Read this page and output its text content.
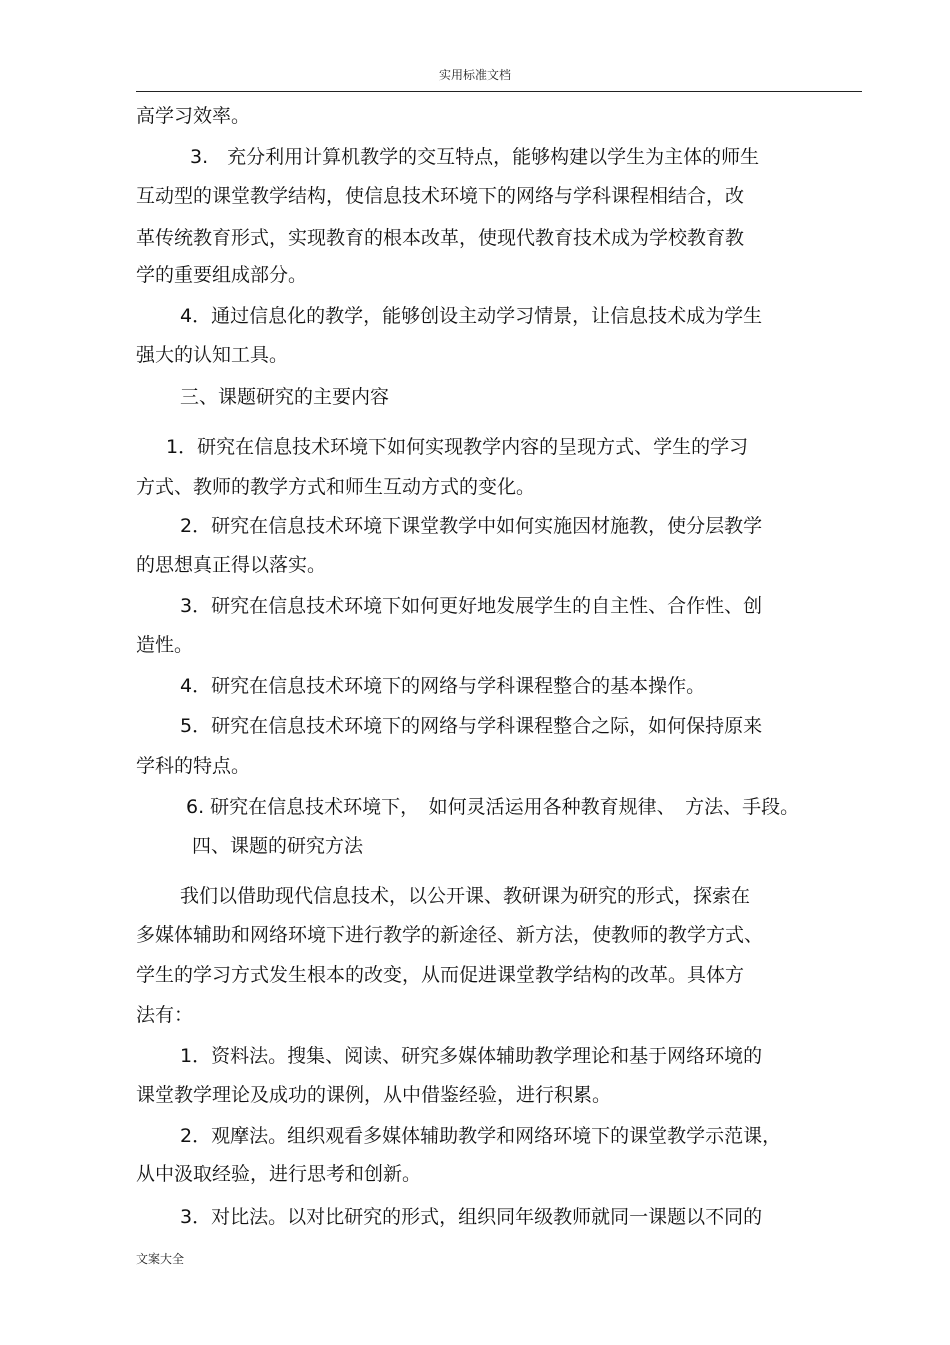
实用标准文档
高学习效率。
3.　充分利用计算机教学的交互特点，能够构建以学生为主体的师生
互动型的课堂教学结构，使信息技术环境下的网络与学科课程相结合，改
革传统教育形式，实现教育的根本改革，使现代教育技术成为学校教育教
学的重要组成部分。
4．通过信息化的教学，能够创设主动学习情景，让信息技术成为学生
强大的认知工具。
三、课题研究的主要内容
1．研究在信息技术环境下如何实现教学内容的呈现方式、学生的学习
方式、教师的教学方式和师生互动方式的变化。
2．研究在信息技术环境下课堂教学中如何实施因材施教，使分层教学
的思想真正得以落实。
3．研究在信息技术环境下如何更好地发展学生的自主性、合作性、创
造性。
4．研究在信息技术环境下的网络与学科课程整合的基本操作。
5．研究在信息技术环境下的网络与学科课程整合之际，如何保持原来
学科的特点。
6. 研究在信息技术环境下，　如何灵活运用各种教育规律、　方法、手段。
四、课题的研究方法
我们以借助现代信息技术，以公开课、教研课为研究的形式，探索在
多媒体辅助和网络环境下进行教学的新途径、新方法，使教师的教学方式、
学生的学习方式发生根本的改变，从而促进课堂教学结构的改革。具体方
法有：
1．资料法。搜集、阅读、研究多媒体辅助教学理论和基于网络环境的
课堂教学理论及成功的课例，从中借鉴经验，进行积累。
2．观摩法。组织观看多媒体辅助教学和网络环境下的课堂教学示范课，
从中汲取经验，进行思考和创新。
3．对比法。以对比研究的形式，组织同年级教师就同一课题以不同的
文案大全
